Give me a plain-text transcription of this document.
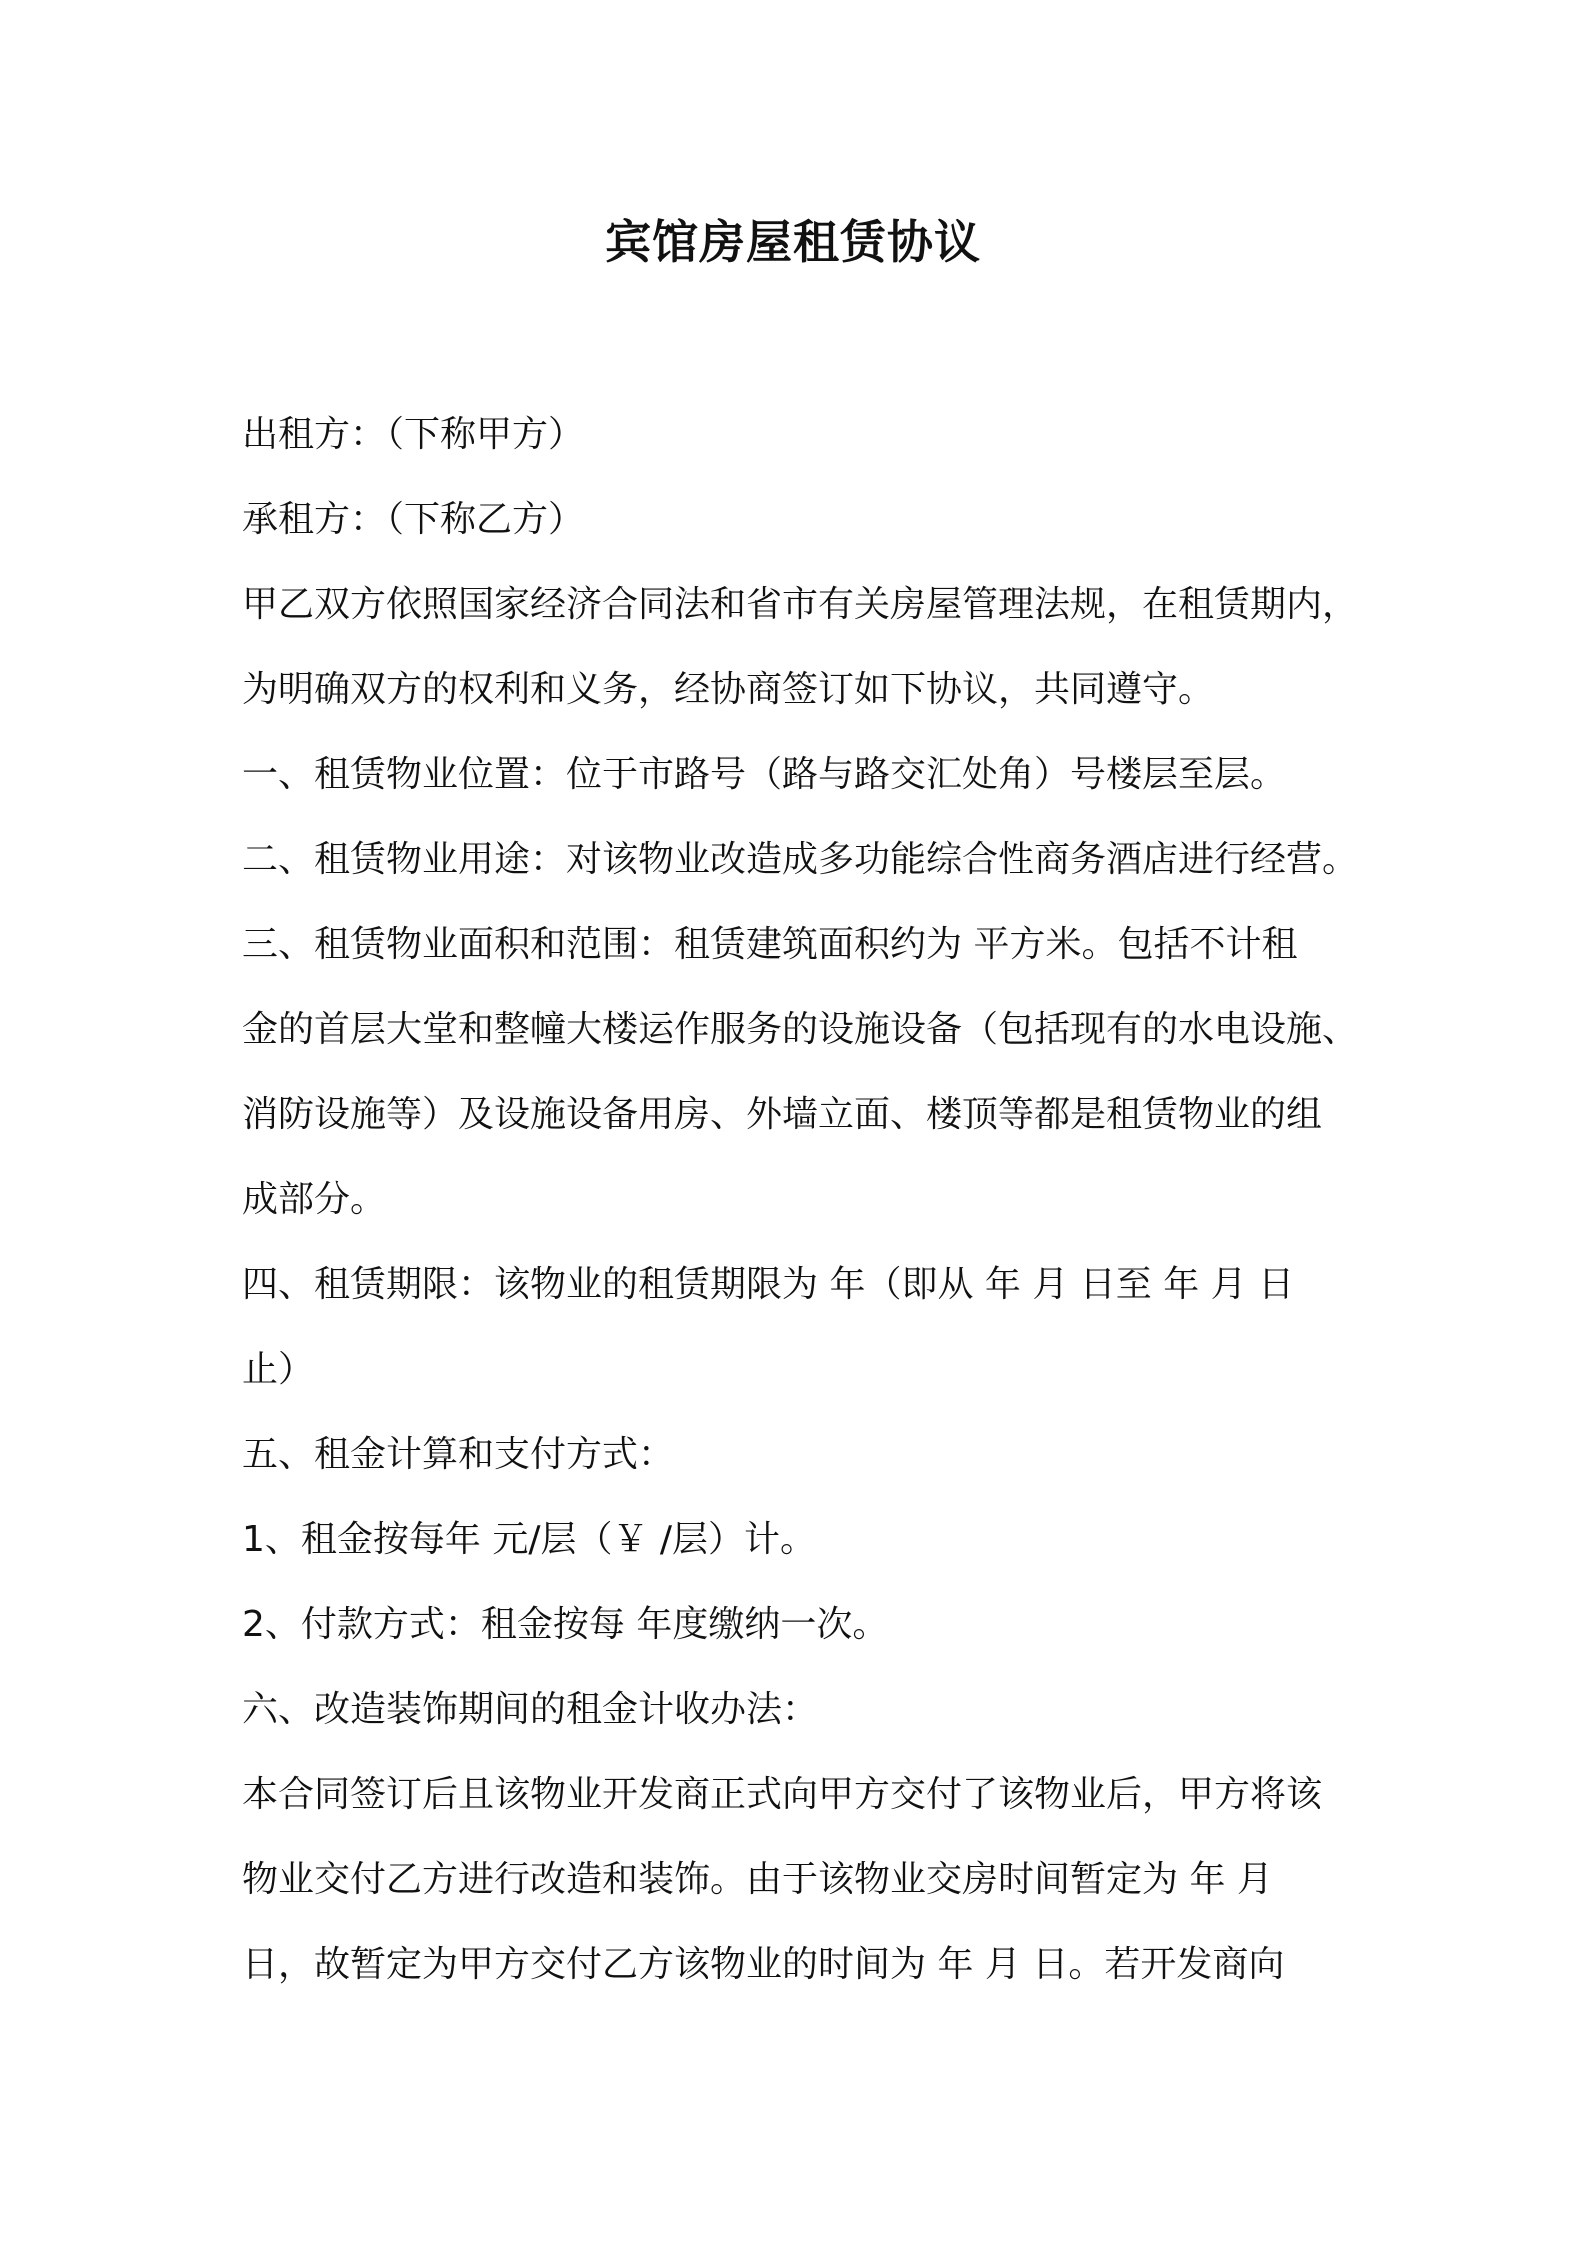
宾馆房屋租赁协议

出租方：（下称甲方）

承租方：（下称乙方）

甲乙双方依照国家经济合同法和省市有关房屋管理法规，在租赁期内，

为明确双方的权利和义务，经协商签订如下协议，共同遵守。

一、租赁物业位置：位于市路号（路与路交汇处角）号楼层至层。

二、租赁物业用途：对该物业改造成多功能综合性商务酒店进行经营。

三、租赁物业面积和范围：租赁建筑面积约为 平方米。包括不计租

金的首层大堂和整幢大楼运作服务的设施设备（包括现有的水电设施、

消防设施等）及设施设备用房、外墙立面、楼顶等都是租赁物业的组

成部分。

四、租赁期限：该物业的租赁期限为 年（即从 年 月 日至 年 月 日

止）

五、租金计算和支付方式：

1、租金按每年 元/层（￥ /层）计。

2、付款方式：租金按每 年度缴纳一次。

六、改造装饰期间的租金计收办法：

本合同签订后且该物业开发商正式向甲方交付了该物业后，甲方将该

物业交付乙方进行改造和装饰。由于该物业交房时间暂定为 年 月

日，故暂定为甲方交付乙方该物业的时间为 年 月 日。若开发商向
